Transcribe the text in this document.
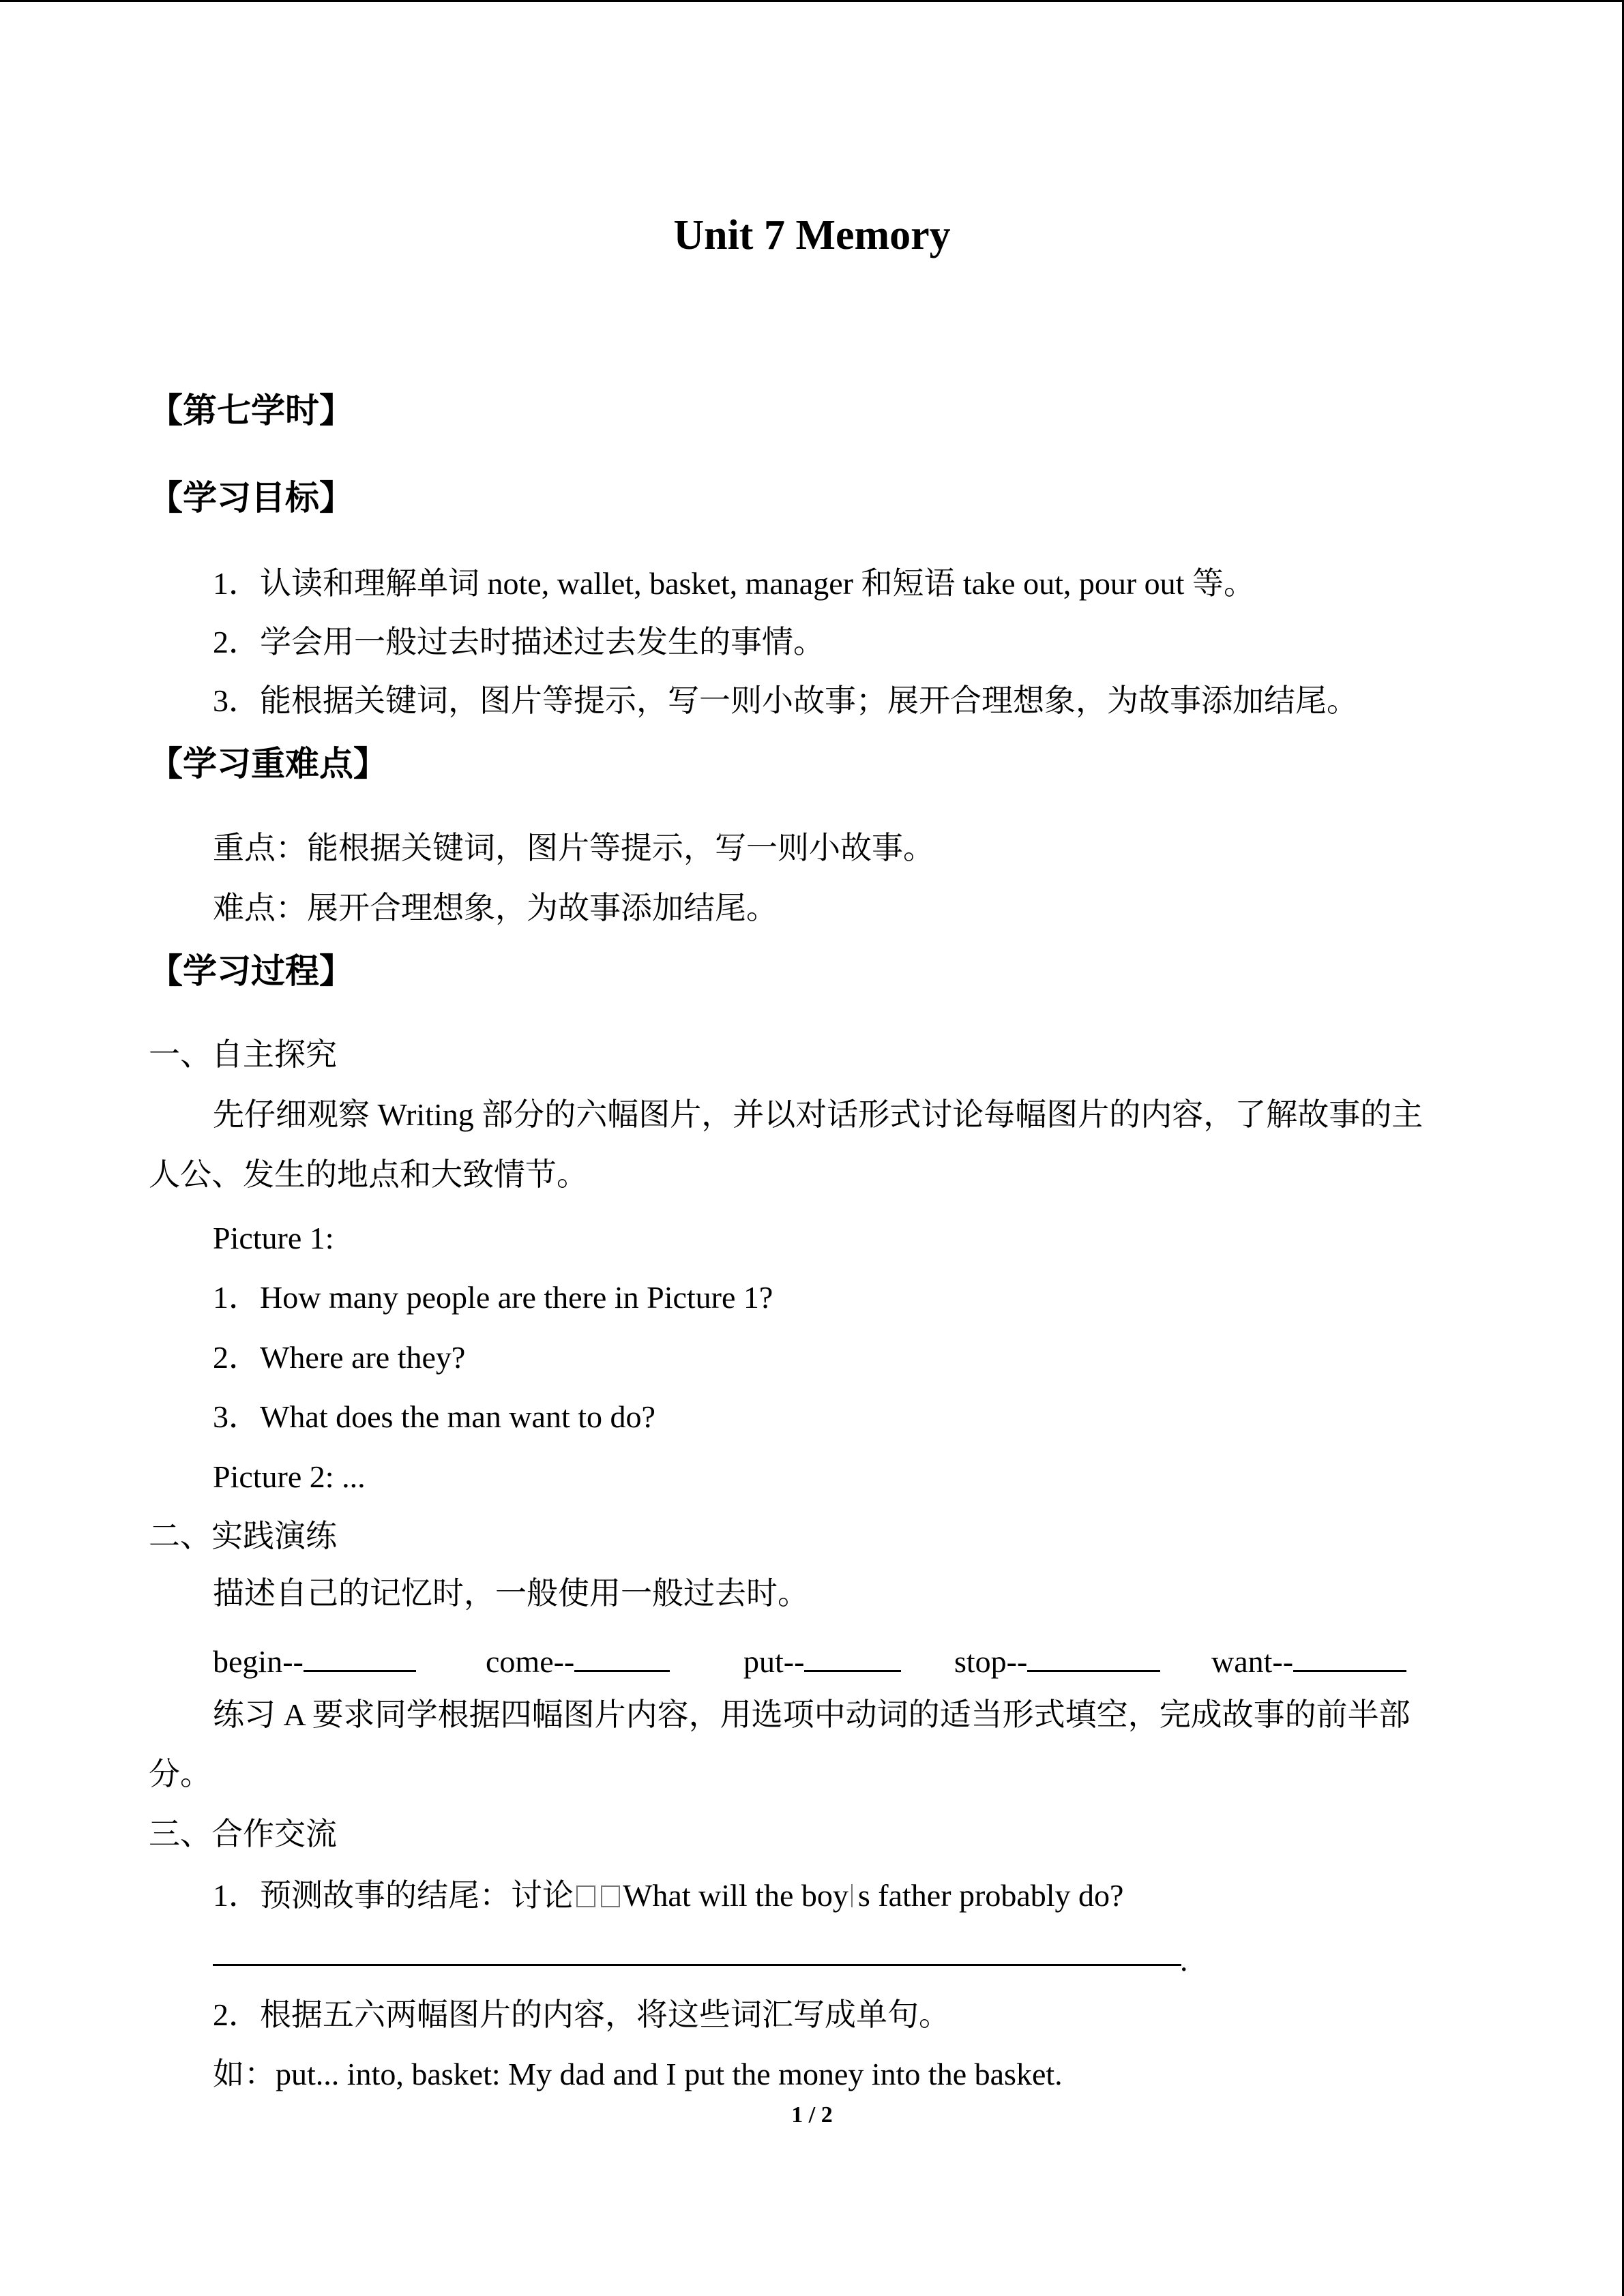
Unit 7 Memory
【第七学时】
【学习目标】
1．认读和理解单词 note, wallet, basket, manager 和短语 take out, pour out 等。
2．学会用一般过去时描述过去发生的事情。
3．能根据关键词，图片等提示，写一则小故事；展开合理想象，为故事添加结尾。
【学习重难点】
重点：能根据关键词，图片等提示，写一则小故事。
难点：展开合理想象，为故事添加结尾。
【学习过程】
一、自主探究
先仔细观察 Writing 部分的六幅图片，并以对话形式讨论每幅图片的内容，了解故事的主
人公、发生的地点和大致情节。
Picture 1:
1．How many people are there in Picture 1?
2．Where are they?
3．What does the man want to do?
Picture 2: ...
二、实践演练
描述自己的记忆时，一般使用一般过去时。
begin--	come--	put--	stop--	want--
练习 A 要求同学根据四幅图片内容，用选项中动词的适当形式填空，完成故事的前半部
分。
三、合作交流
1．预测故事的结尾：讨论 What will the boy s father probably do?
.
2．根据五六两幅图片的内容，将这些词汇写成单句。
如：put... into, basket: My dad and I put the money into the basket.
1 / 2
